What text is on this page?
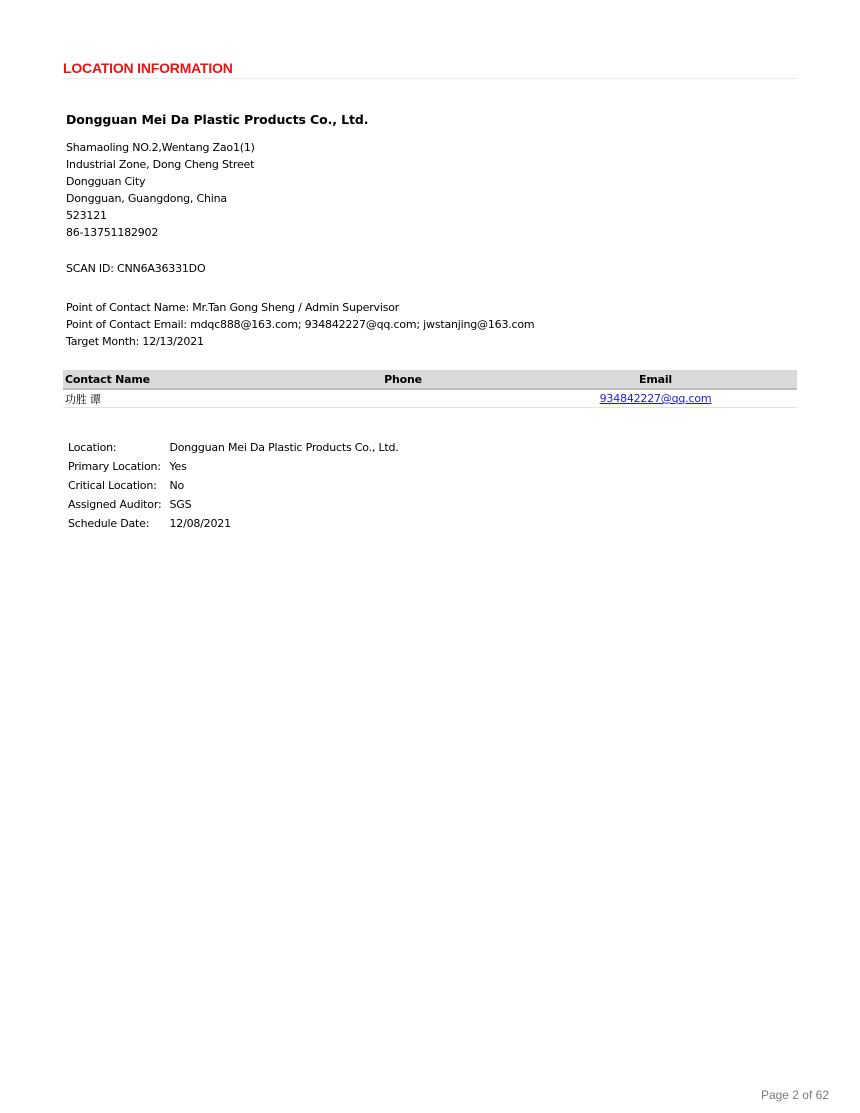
LOCATION INFORMATION
Dongguan Mei Da Plastic Products Co., Ltd.
Shamaoling NO.2,Wentang Zao1(1)
Industrial Zone, Dong Cheng Street
Dongguan City
Dongguan, Guangdong, China
523121
86-13751182902
SCAN ID: CNN6A36331DO
Point of Contact Name: Mr.Tan Gong Sheng / Admin Supervisor
Point of Contact Email: mdqc888@163.com; 934842227@qq.com; jwstanjing@163.com
Target Month: 12/13/2021
Contact Name	Phone	Email
功胜 谭		934842227@qq.com
Location:	Dongguan Mei Da Plastic Products Co., Ltd.
Primary Location:	Yes
Critical Location:	No
Assigned Auditor:	SGS
Schedule Date:	12/08/2021
Page 2 of 62
